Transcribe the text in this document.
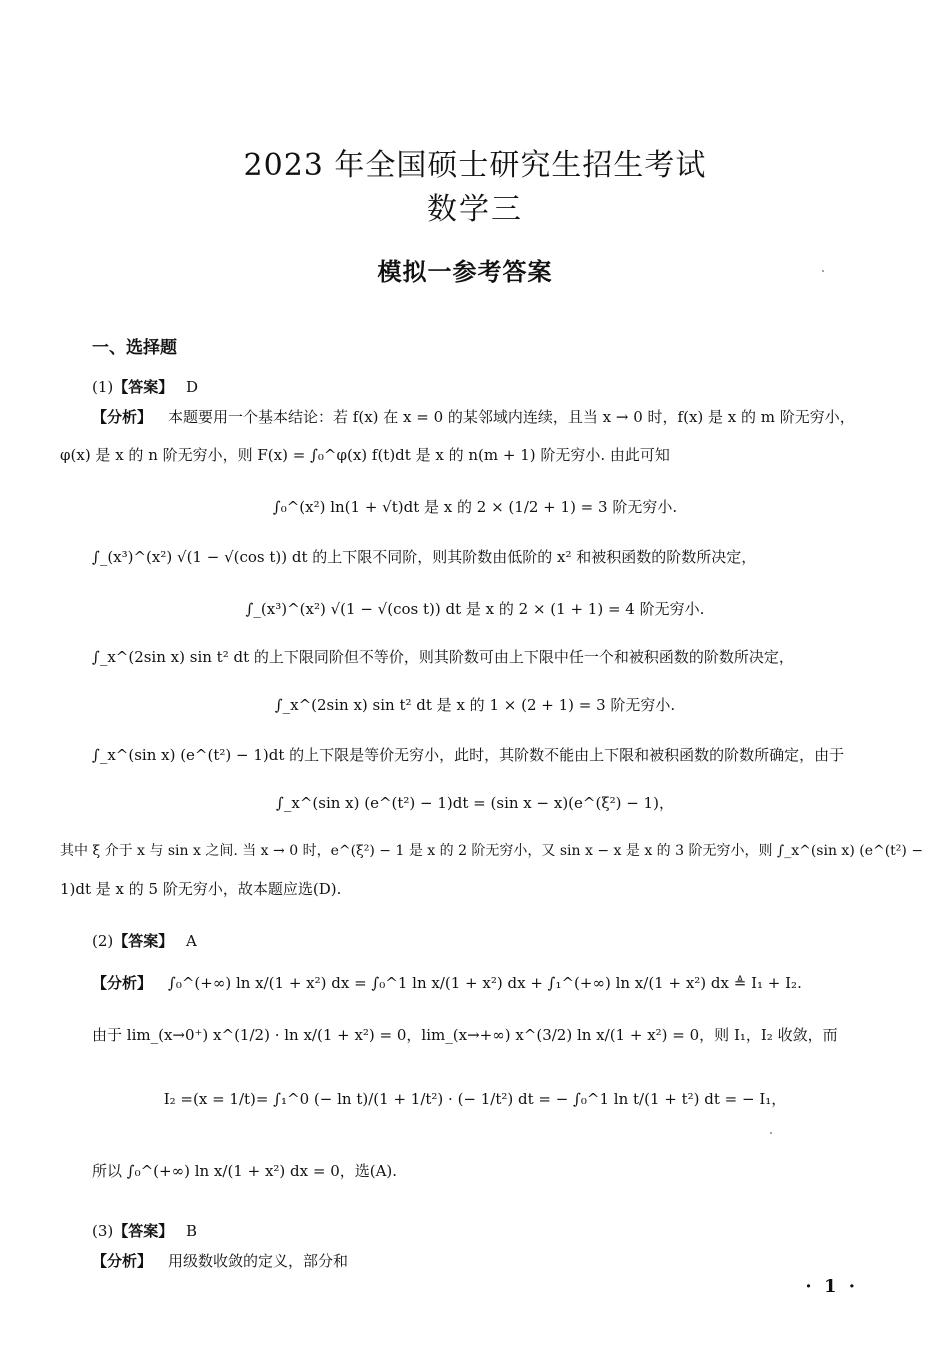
2023 年全国硕士研究生招生考试
数学三
模拟一参考答案
一、选择题
(1)【答案】 D
【分析】 本题要用一个基本结论：若 f(x) 在 x = 0 的某邻域内连续，且当 x → 0 时，f(x) 是 x 的 m 阶无穷小，
φ(x) 是 x 的 n 阶无穷小，则 F(x) = ∫₀^φ(x) f(t)dt 是 x 的 n(m + 1) 阶无穷小. 由此可知
∫₀^(x²) ln(1 + √t)dt 是 x 的 2 × (1/2 + 1) = 3 阶无穷小.
∫_(x³)^(x²) √(1 − √(cos t)) dt 的上下限不同阶，则其阶数由低阶的 x² 和被积函数的阶数所决定，
∫_(x³)^(x²) √(1 − √(cos t)) dt 是 x 的 2 × (1 + 1) = 4 阶无穷小.
∫_x^(2sin x) sin t² dt 的上下限同阶但不等价，则其阶数可由上下限中任一个和被积函数的阶数所决定，
∫_x^(2sin x) sin t² dt 是 x 的 1 × (2 + 1) = 3 阶无穷小.
∫_x^(sin x) (e^(t²) − 1)dt 的上下限是等价无穷小，此时，其阶数不能由上下限和被积函数的阶数所确定，由于
∫_x^(sin x) (e^(t²) − 1)dt = (sin x − x)(e^(ξ²) − 1)，
其中 ξ 介于 x 与 sin x 之间. 当 x → 0 时，e^(ξ²) − 1 是 x 的 2 阶无穷小，又 sin x − x 是 x 的 3 阶无穷小，则 ∫_x^(sin x) (e^(t²) −
1)dt 是 x 的 5 阶无穷小，故本题应选(D).
(2)【答案】 A
【分析】 ∫₀^(+∞) ln x/(1 + x²) dx = ∫₀^1 ln x/(1 + x²) dx + ∫₁^(+∞) ln x/(1 + x²) dx ≜ I₁ + I₂.
由于 lim_(x→0⁺) x^(1/2) · ln x/(1 + x²) = 0，lim_(x→+∞) x^(3/2) ln x/(1 + x²) = 0，则 I₁，I₂ 收敛，而
I₂ =(x = 1/t)= ∫₁^0 (− ln t)/(1 + 1/t²) · (− 1/t²) dt = − ∫₀^1 ln t/(1 + t²) dt = − I₁，
所以 ∫₀^(+∞) ln x/(1 + x²) dx = 0，选(A).
(3)【答案】 B
【分析】 用级数收敛的定义，部分和
· 1 ·
